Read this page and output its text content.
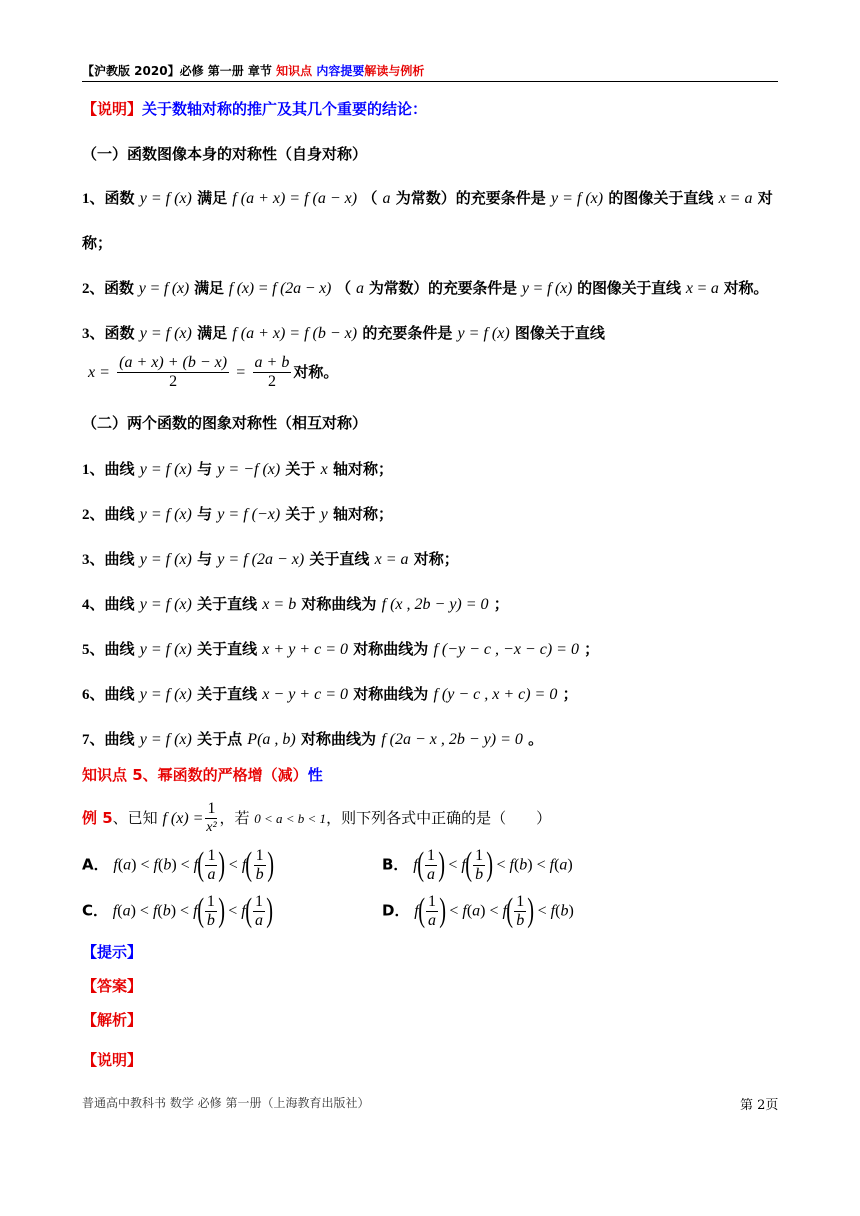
【沪教版 2020】必修 第一册 章节 知识点 内容提要解读与例析
【说明】关于数轴对称的推广及其几个重要的结论：
（一）函数图像本身的对称性（自身对称）
1、函数 y = f (x) 满足 f (a + x) = f (a − x) （ a 为常数）的充要条件是 y = f (x) 的图像关于直线 x = a 对
称；
2、函数 y = f (x) 满足 f (x) = f (2a − x) （ a 为常数）的充要条件是 y = f (x) 的图像关于直线 x = a 对称。
3、函数 y = f (x) 满足 f (a + x) = f (b − x) 的充要条件是 y = f (x) 图像关于直线
$x = \frac{(a + x) + (b - x)}{2} = \frac{a + b}{2}$ 对称。
（二）两个函数的图象对称性（相互对称）
1、曲线 y = f (x) 与 y = −f (x) 关于 x 轴对称；
2、曲线 y = f (x) 与 y = f (−x) 关于 y 轴对称；
3、曲线 y = f (x) 与 y = f (2a − x) 关于直线 x = a 对称；
4、曲线 y = f (x) 关于直线 x = b 对称曲线为 f (x , 2b − y) = 0 ；
5、曲线 y = f (x) 关于直线 x + y + c = 0 对称曲线为 f (−y − c , −x − c) = 0 ；
6、曲线 y = f (x) 关于直线 x − y + c = 0 对称曲线为 f (y − c , x + c) = 0 ；
7、曲线 y = f (x) 关于点 P(a , b) 对称曲线为 f (2a − x , 2b − y) = 0 。
知识点 5、幂函数的严格增（减）性
例 5、已知 f $(x) = \frac{1}{\text{x²}}$ ，若 0 < a < b < 1，则下列各式中正确的是（　　）
A． $f(a) < f(b) < f( \frac{1}{a}$ ) < $f( \frac{1}{b}$ )	B． $f( \frac{1}{a}$ ) < $f( \frac{1}{b}$ ) < f(b) < f(a)
C． $f(a) < f(b) < f( \frac{1}{b}$ ) < $f( \frac{1}{a}$ )	D． $f( \frac{1}{a}$ ) < $f(a) < f( \frac{1}{b}$ ) < f(b)
【提示】
【答案】
【解析】
【说明】
普通高中教科书 数学 必修 第一册（上海教育出版社）	第 2页
